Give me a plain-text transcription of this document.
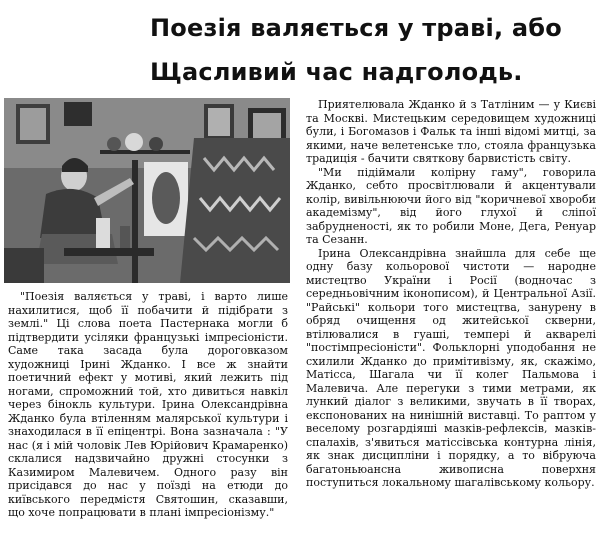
Поезія валяється у траві, або

Щасливий час надголодь.

"Поезія валяється у траві, і варто лише нахилитися, щоб її побачити й підібрати з землі." Ці слова поета Пастернака могли б підтвердити усіляки французькі імпресіоністи. Саме така засада була дороговказом художниці Ірині Жданко. І все ж знайти поетичний ефект у мотиві, який лежить під ногами, спроможний той, хто дивиться навкіл через бінокль культури. Ірина Олександрівна Жданко була втіленням малярської культури і знаходилася в її епіцентрі. Вона зазначала : "У нас (я і мій чоловік Лев Юрійович Крамаренко) склалися надзвичайно дружні стосунки з Казимиром Малевичем. Одного разу він присідався до нас у поїзді на етюди до київського передмістя Святошин, сказавши, що хоче попрацювати в плані імпресіонізму."

Приятелювала Жданко й з Татліним — у Києві та Москві. Мистецьким середовищем художниці були, і Богомазов і Фальк та інші відомі митці, за якими, наче велетенське тло, стояла французька традиція - бачити святкову барвистість світу.

"Ми підіймали колірну гаму", говорила Жданко, себто просвітлювали й акцентували колір, вивільнюючи його від "коричневої хвороби академізму", від його глухої й сліпої забрудненості, як то робили Моне, Дега, Ренуар та Сезанн.

Ірина Олександрівна знайшла для себе ще одну базу кольорової чистоти — народне мистецтво України і Росії (водночас з середньовічним іконописом), й Центральної Азії. "Райські" кольори того мистецтва, занурену в обряд очищення од житейської скверни, втілювалися в гуаші, темпері й акварелі "постімпресіоністи". Фольклорні уподобання не схилили Жданко до примітивізму, як, скажімо, Матісса, Шагала чи її колег Пальмова і Малевича. Але перегуки з тими метрами, як лункий діалог з великими, звучать в її творах, експонованих на нинішній виставці. То раптом у веселому розгардіяші мазків-рефлексів, мазків-спалахів, з'явиться матіссівська контурна лінія, як знак дисципліни і порядку, а то вібруюча багатоньюансна живописна поверхня поступиться локальному шагалівському кольору.
